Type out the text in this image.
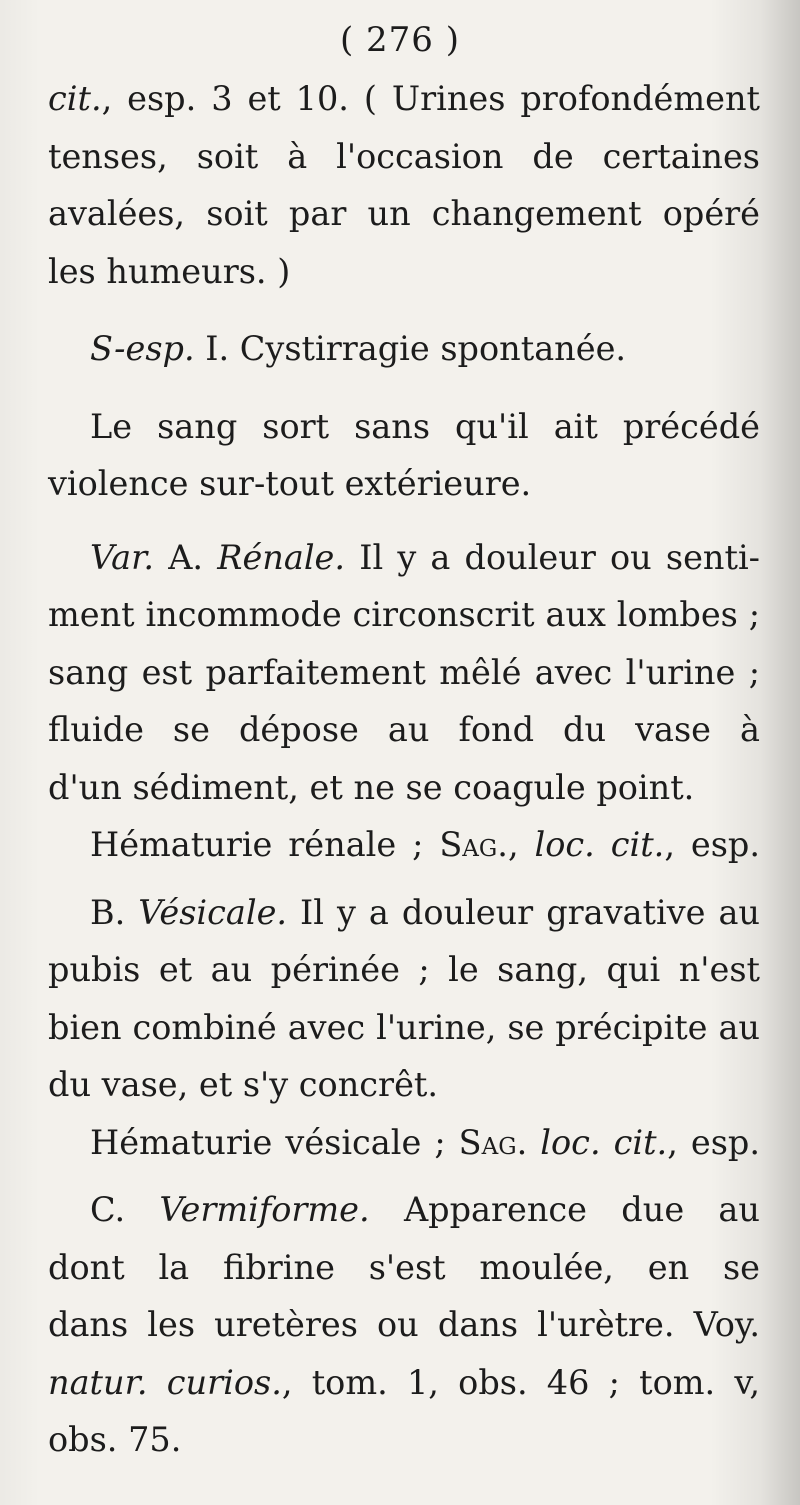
( 276 )
cit., esp. 3 et 10. ( Urines profondément
tenses, soit à l'occasion de certaines
avalées, soit par un changement opéré
les humeurs. )
S-esp. I. Cystirragie spontanée.
Le sang sort sans qu'il ait précédé
violence sur-tout extérieure.
Var. A. Rénale. Il y a douleur ou senti-
ment incommode circonscrit aux lombes ;
sang est parfaitement mêlé avec l'urine ;
fluide se dépose au fond du vase à
d'un sédiment, et ne se coagule point.
Hématurie rénale ; Sag., loc. cit., esp.
B. Vésicale. Il y a douleur gravative au
pubis et au périnée ; le sang, qui n'est
bien combiné avec l'urine, se précipite au
du vase, et s'y concrêt.
Hématurie vésicale ; Sag. loc. cit., esp.
C. Vermiforme. Apparence due au
dont la fibrine s'est moulée, en se
dans les uretères ou dans l'urètre. Voy.
natur. curios., tom. 1, obs. 46 ; tom. v,
obs. 75.
